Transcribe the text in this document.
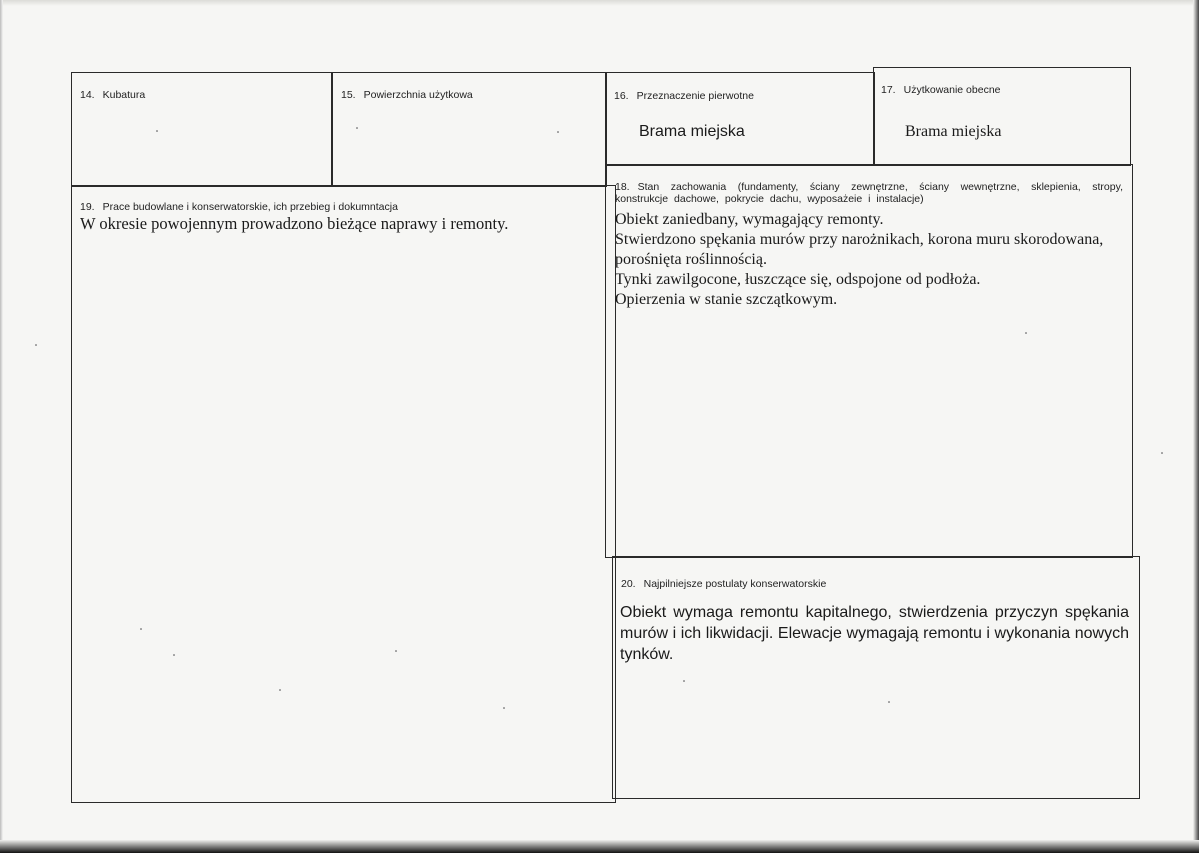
14. Kubatura	15. Powierzchnia użytkowa	16. Przeznaczenie pierwotne
Brama miejska
17. Użytkowanie obecne
Brama miejska
19. Prace budowlane i konserwatorskie, ich przebieg i dokumntacja
W okresie powojennym prowadzono bieżące naprawy i remonty.
18. Stan zachowania (fundamenty, ściany zewnętrzne, ściany wewnętrzne, sklepienia, stropy, konstrukcje dachowe, pokrycie dachu, wyposażeie i instalacje)
Obiekt zaniedbany, wymagający remonty.
Stwierdzono spękania murów przy narożnikach, korona muru skorodowana,
porośnięta roślinnością.
Tynki zawilgocone, łuszczące się, odspojone od podłoża.
Opierzenia w stanie szczątkowym.
20. Najpilniejsze postulaty konserwatorskie
Obiekt wymaga remontu kapitalnego, stwierdzenia przyczyn spękania murów i ich likwidacji. Elewacje wymagają remontu i wykonania nowych tynków.
